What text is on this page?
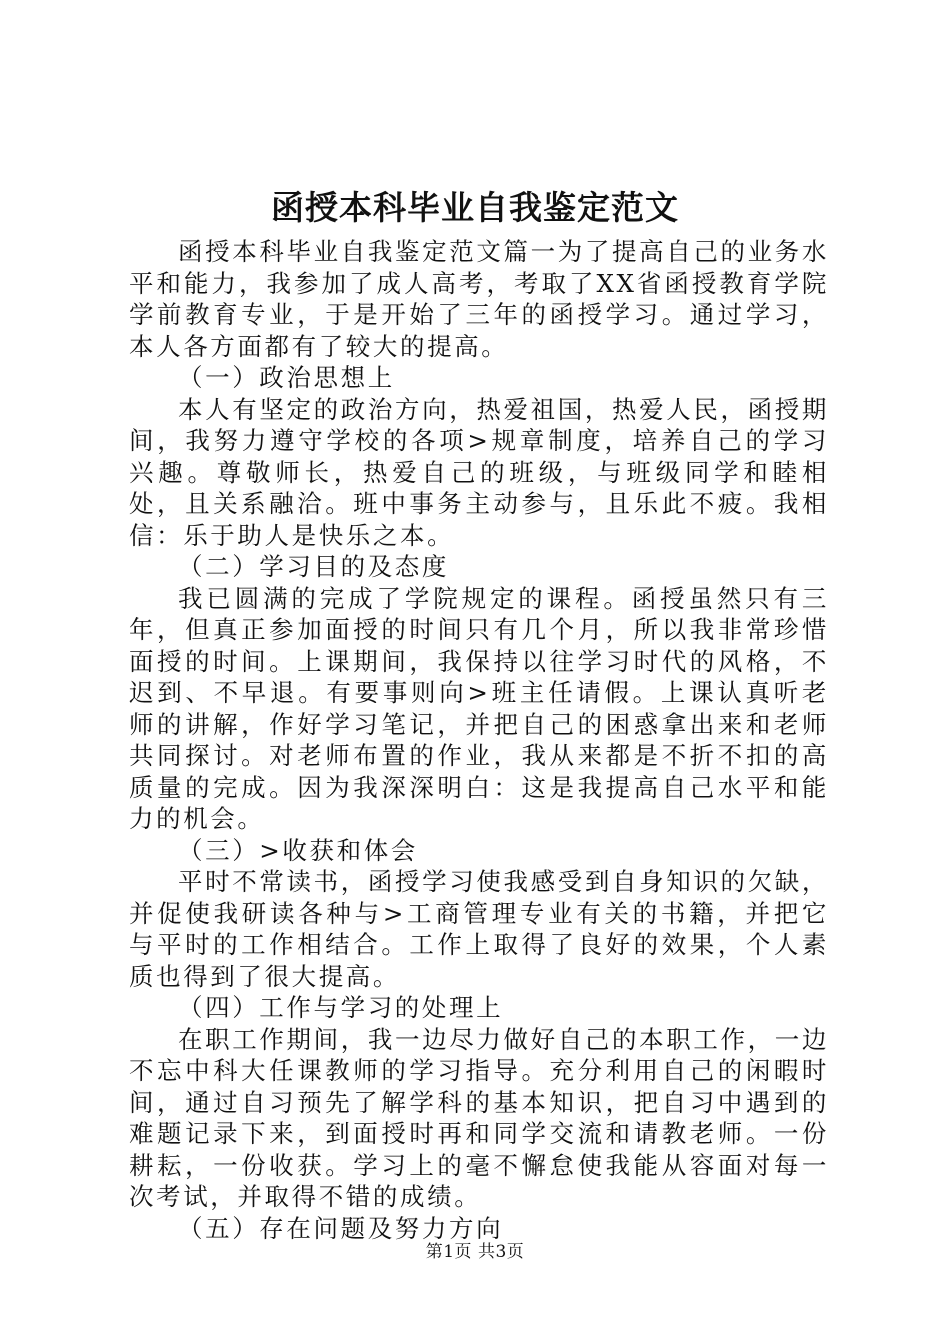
函授本科毕业自我鉴定范文

函授本科毕业自我鉴定范文篇一为了提高自己的业务水平和能力，我参加了成人高考，考取了XX省函授教育学院学前教育专业，于是开始了三年的函授学习。通过学习，本人各方面都有了较大的提高。

（一）政治思想上

本人有坚定的政治方向，热爱祖国，热爱人民，函授期间，我努力遵守学校的各项>规章制度，培养自己的学习兴趣。尊敬师长，热爱自己的班级，与班级同学和睦相处，且关系融洽。班中事务主动参与，且乐此不疲。我相信：乐于助人是快乐之本。

（二）学习目的及态度

我已圆满的完成了学院规定的课程。函授虽然只有三年，但真正参加面授的时间只有几个月，所以我非常珍惜面授的时间。上课期间，我保持以往学习时代的风格，不迟到、不早退。有要事则向>班主任请假。上课认真听老师的讲解，作好学习笔记，并把自己的困惑拿出来和老师共同探讨。对老师布置的作业，我从来都是不折不扣的高质量的完成。因为我深深明白：这是我提高自己水平和能力的机会。

（三）>收获和体会

平时不常读书，函授学习使我感受到自身知识的欠缺，并促使我研读各种与>工商管理专业有关的书籍，并把它与平时的工作相结合。工作上取得了良好的效果，个人素质也得到了很大提高。

（四）工作与学习的处理上

在职工作期间，我一边尽力做好自己的本职工作，一边不忘中科大任课教师的学习指导。充分利用自己的闲暇时间，通过自习预先了解学科的基本知识，把自习中遇到的难题记录下来，到面授时再和同学交流和请教老师。一份耕耘，一份收获。学习上的毫不懈怠使我能从容面对每一次考试，并取得不错的成绩。

（五）存在问题及努力方向

第1页 共3页
